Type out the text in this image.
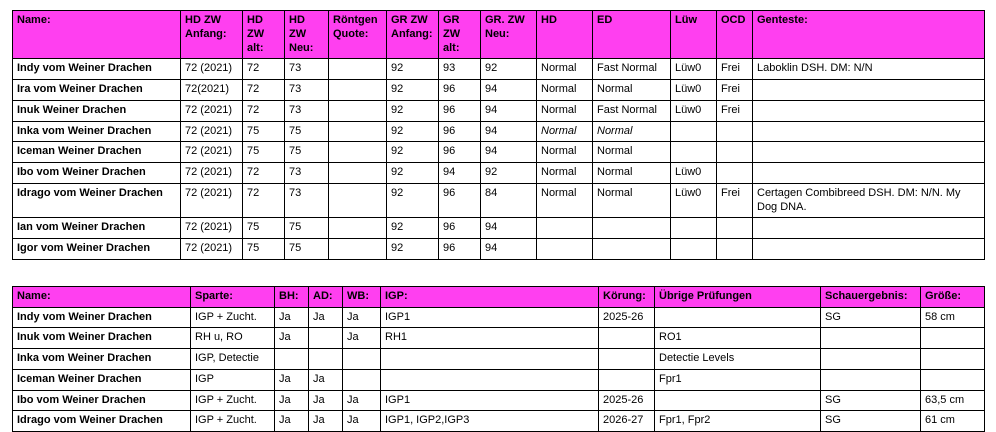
Name:	HD ZW Anfang:	HD ZW alt:	HD ZW Neu:	Röntgen Quote:	GR ZW Anfang:	GR ZW alt:	GR. ZW Neu:	HD	ED	Lüw	OCD	Genteste:
Indy vom Weiner Drachen	72 (2021)	72	73		92	93	92	Normal	Fast Normal	Lüw0	Frei	Laboklin DSH. DM: N/N
Ira vom Weiner Drachen	72(2021)	72	73		92	96	94	Normal	Normal	Lüw0	Frei	
Inuk Weiner Drachen	72 (2021)	72	73		92	96	94	Normal	Fast Normal	Lüw0	Frei	
Inka vom Weiner Drachen	72 (2021)	75	75		92	96	94	Normal	Normal			
Iceman Weiner Drachen	72 (2021)	75	75		92	96	94	Normal	Normal			
Ibo vom Weiner Drachen	72 (2021)	72	73		92	94	92	Normal	Normal	Lüw0		
Idrago vom Weiner Drachen	72 (2021)	72	73		92	96	84	Normal	Normal	Lüw0	Frei	Certagen Combibreed DSH. DM: N/N. My Dog DNA.
Ian vom Weiner Drachen	72 (2021)	75	75		92	96	94					
Igor vom Weiner Drachen	72 (2021)	75	75		92	96	94					
Name:	Sparte:	BH:	AD:	WB:	IGP:	Körung:	Übrige Prüfungen	Schauergebnis:	Größe:
Indy vom Weiner Drachen	IGP + Zucht.	Ja	Ja	Ja	IGP1	2025-26		SG	58 cm
Inuk vom Weiner Drachen	RH u, RO	Ja		Ja	RH1		RO1		
Inka vom Weiner Drachen	IGP, Detectie						Detectie Levels		
Iceman Weiner Drachen	IGP	Ja	Ja				Fpr1		
Ibo vom Weiner Drachen	IGP + Zucht.	Ja	Ja	Ja	IGP1	2025-26		SG	63,5 cm
Idrago vom Weiner Drachen	IGP + Zucht.	Ja	Ja	Ja	IGP1, IGP2,IGP3	2026-27	Fpr1, Fpr2	SG	61 cm
